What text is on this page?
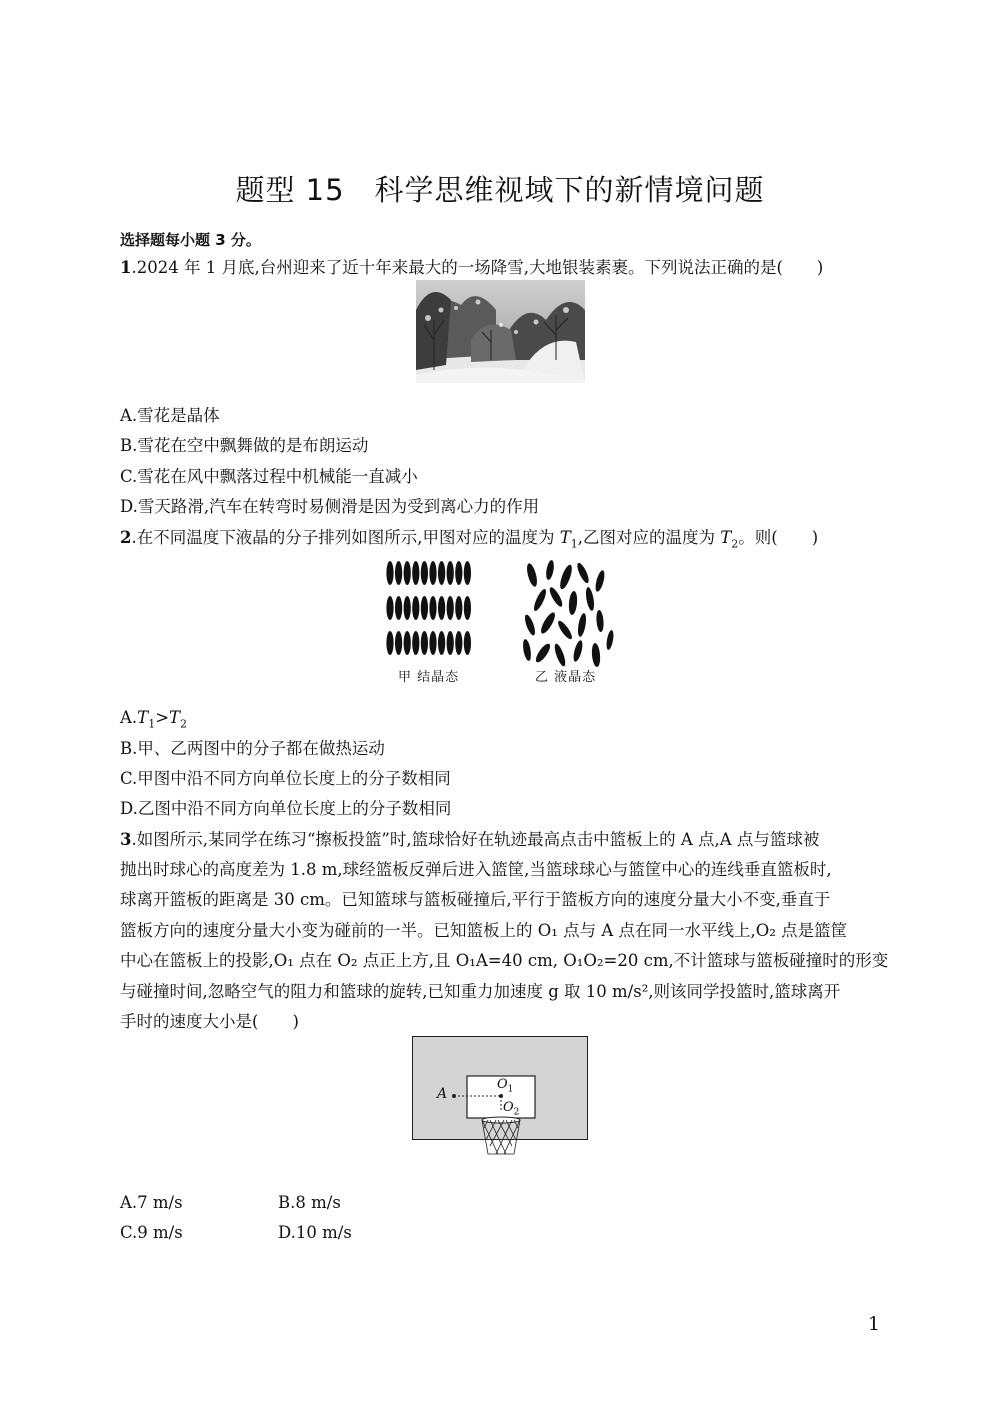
题型 15　科学思维视域下的新情境问题
选择题每小题 3 分。
1.2024 年 1 月底,台州迎来了近十年来最大的一场降雪,大地银装素裹。下列说法正确的是( )
A.雪花是晶体
B.雪花在空中飘舞做的是布朗运动
C.雪花在风中飘落过程中机械能一直减小
D.雪天路滑,汽车在转弯时易侧滑是因为受到离心力的作用
2.在不同温度下液晶的分子排列如图所示,甲图对应的温度为 $T_1$,乙图对应的温度为 $T_2$。则( )
甲 结晶态	乙 液晶态
$A.T_1>T_2$
B.甲、乙两图中的分子都在做热运动
C.甲图中沿不同方向单位长度上的分子数相同
D.乙图中沿不同方向单位长度上的分子数相同
3.如图所示,某同学在练习“擦板投篮”时,篮球恰好在轨迹最高点击中篮板上的 A 点,A 点与篮球被
抛出时球心的高度差为 1.8 m,球经篮板反弹后进入篮筐,当篮球球心与篮筐中心的连线垂直篮板时,
球离开篮板的距离是 30 cm。已知篮球与篮板碰撞后,平行于篮板方向的速度分量大小不变,垂直于
篮板方向的速度分量大小变为碰前的一半。已知篮板上的 O₁ 点与 A 点在同一水平线上,O₂ 点是篮筐
中心在篮板上的投影,O₁ 点在 O₂ 点正上方,且 O₁A=40 cm, O₁O₂=20 cm,不计篮球与篮板碰撞时的形变
与碰撞时间,忽略空气的阻力和篮球的旋转,已知重力加速度 g 取 10 m/s²,则该同学投篮时,篮球离开
手时的速度大小是( )
A
$O_1$
$O_2$
A.7 m/s	B.8 m/s
C.9 m/s	D.10 m/s
1
